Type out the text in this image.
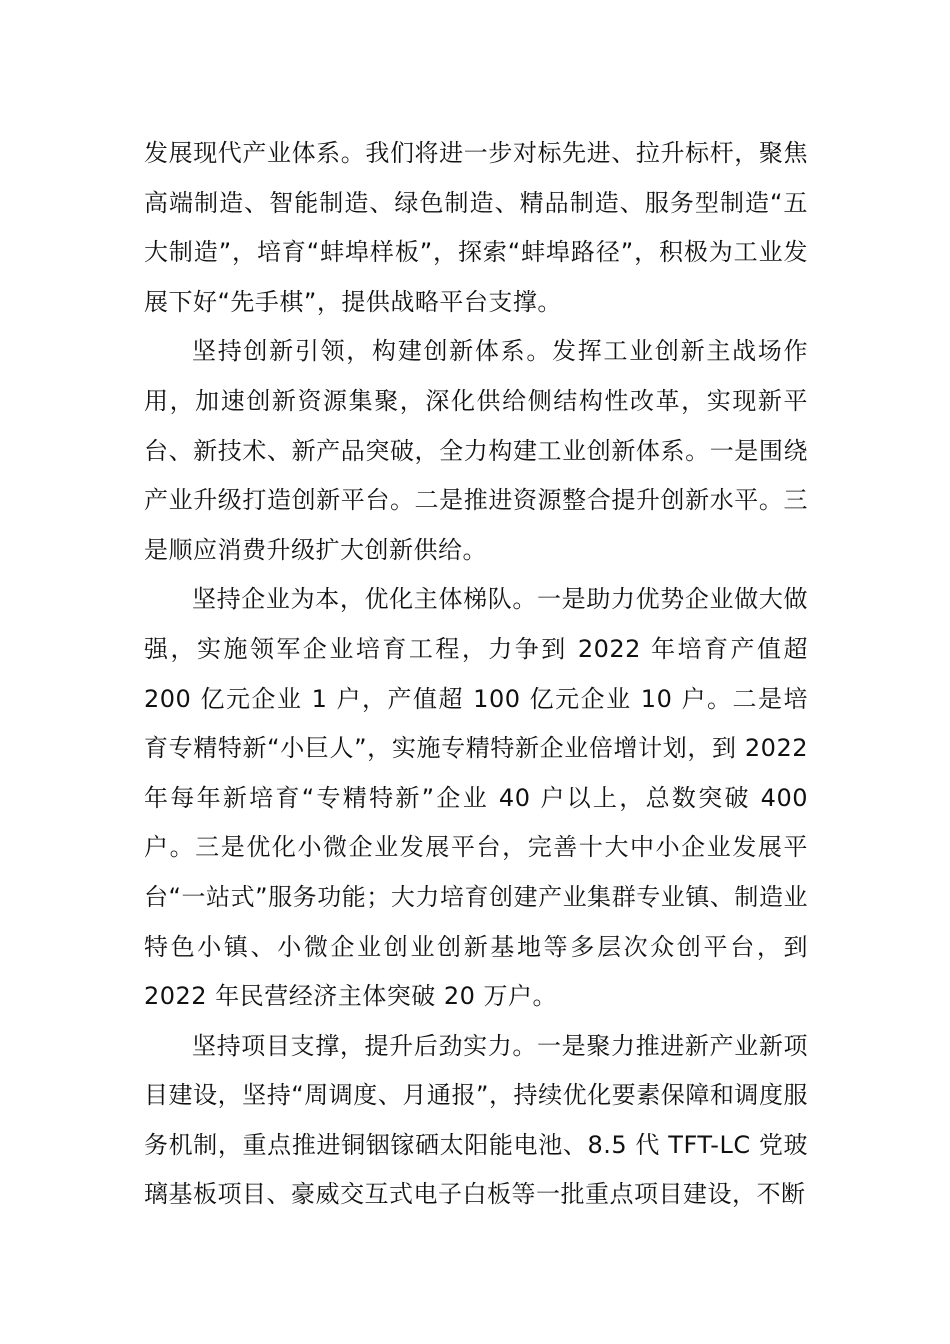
发展现代产业体系。我们将进一步对标先进、拉升标杆，聚焦高端制造、智能制造、绿色制造、精品制造、服务型制造“五大制造”，培育“蚌埠样板”，探索“蚌埠路径”，积极为工业发展下好“先手棋”，提供战略平台支撑。

坚持创新引领，构建创新体系。发挥工业创新主战场作用，加速创新资源集聚，深化供给侧结构性改革，实现新平台、新技术、新产品突破，全力构建工业创新体系。一是围绕产业升级打造创新平台。二是推进资源整合提升创新水平。三是顺应消费升级扩大创新供给。

坚持企业为本，优化主体梯队。一是助力优势企业做大做强，实施领军企业培育工程，力争到 2022 年培育产值超 200 亿元企业 1 户，产值超 100 亿元企业 10 户。二是培育专精特新“小巨人”，实施专精特新企业倍增计划，到 2022 年每年新培育“专精特新”企业 40 户以上，总数突破 400 户。三是优化小微企业发展平台，完善十大中小企业发展平台“一站式”服务功能；大力培育创建产业集群专业镇、制造业特色小镇、小微企业创业创新基地等多层次众创平台，到 2022 年民营经济主体突破 20 万户。

坚持项目支撑，提升后劲实力。一是聚力推进新产业新项目建设，坚持“周调度、月通报”，持续优化要素保障和调度服务机制，重点推进铜铟镓硒太阳能电池、8.5 代 TFT-LC 党玻璃基板项目、豪威交互式电子白板等一批重点项目建设，不断
